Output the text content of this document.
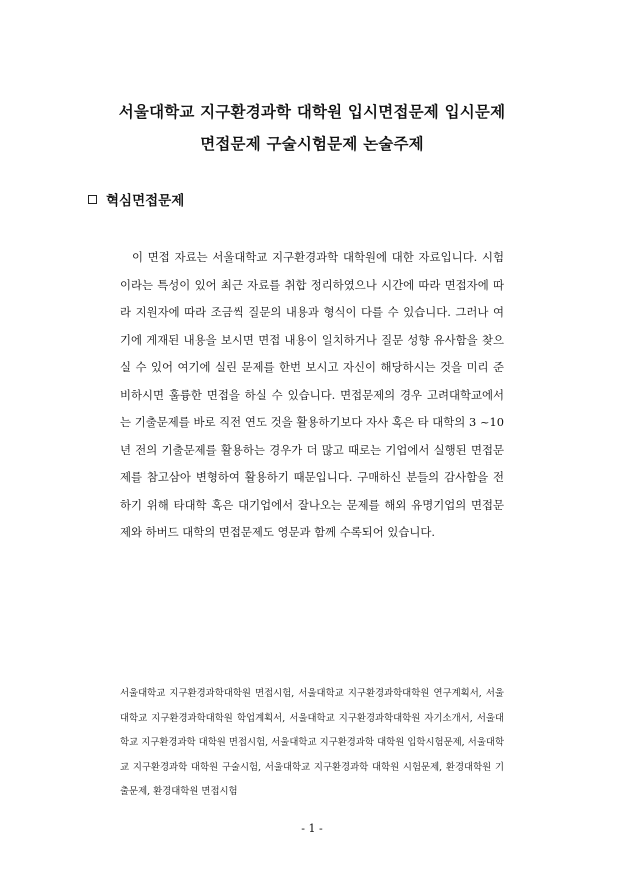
서울대학교 지구환경과학 대학원 입시면접문제 입시문제
면접문제 구술시험문제 논술주제
혁심면접문제

이 면접 자료는 서울대학교 지구환경과학 대학원에 대한 자료입니다. 시험이라는 특성이 있어 최근 자료를 취합 정리하였으나 시간에 따라 면접자에 따라 지원자에 따라 조금씩 질문의 내용과 형식이 다를 수 있습니다. 그러나 여기에 게재된 내용을 보시면 면접 내용이 일치하거나 질문 성향 유사함을 찾으실 수 있어 여기에 실린 문제를 한번 보시고 자신이 해당하시는 것을 미리 준비하시면 훌륭한 면접을 하실 수 있습니다. 면접문제의 경우 고려대학교에서는 기출문제를 바로 직전 연도 것을 활용하기보다 자사 혹은 타 대학의 3 ~10년 전의 기출문제를 활용하는 경우가 더 많고 때로는 기업에서 실행된 면접문제를 참고삼아 변형하여 활용하기 때문입니다. 구매하신 분들의 감사함을 전하기 위해 타대학 혹은 대기업에서 잘나오는 문제를 해외 유명기업의 면접문제와 하버드 대학의 면접문제도 영문과 함께 수록되어 있습니다.

서울대학교 지구환경과학대학원 면접시험, 서울대학교 지구환경과학대학원 연구계획서, 서울대학교 지구환경과학대학원 학업계획서, 서울대학교 지구환경과학대학원 자기소개서, 서울대학교 지구환경과학 대학원 면접시험, 서울대학교 지구환경과학 대학원 입학시험문제, 서울대학교 지구환경과학 대학원 구술시험, 서울대학교 지구환경과학 대학원 시험문제, 환경대학원 기출문제, 환경대학원 면접시험

- 1 -
